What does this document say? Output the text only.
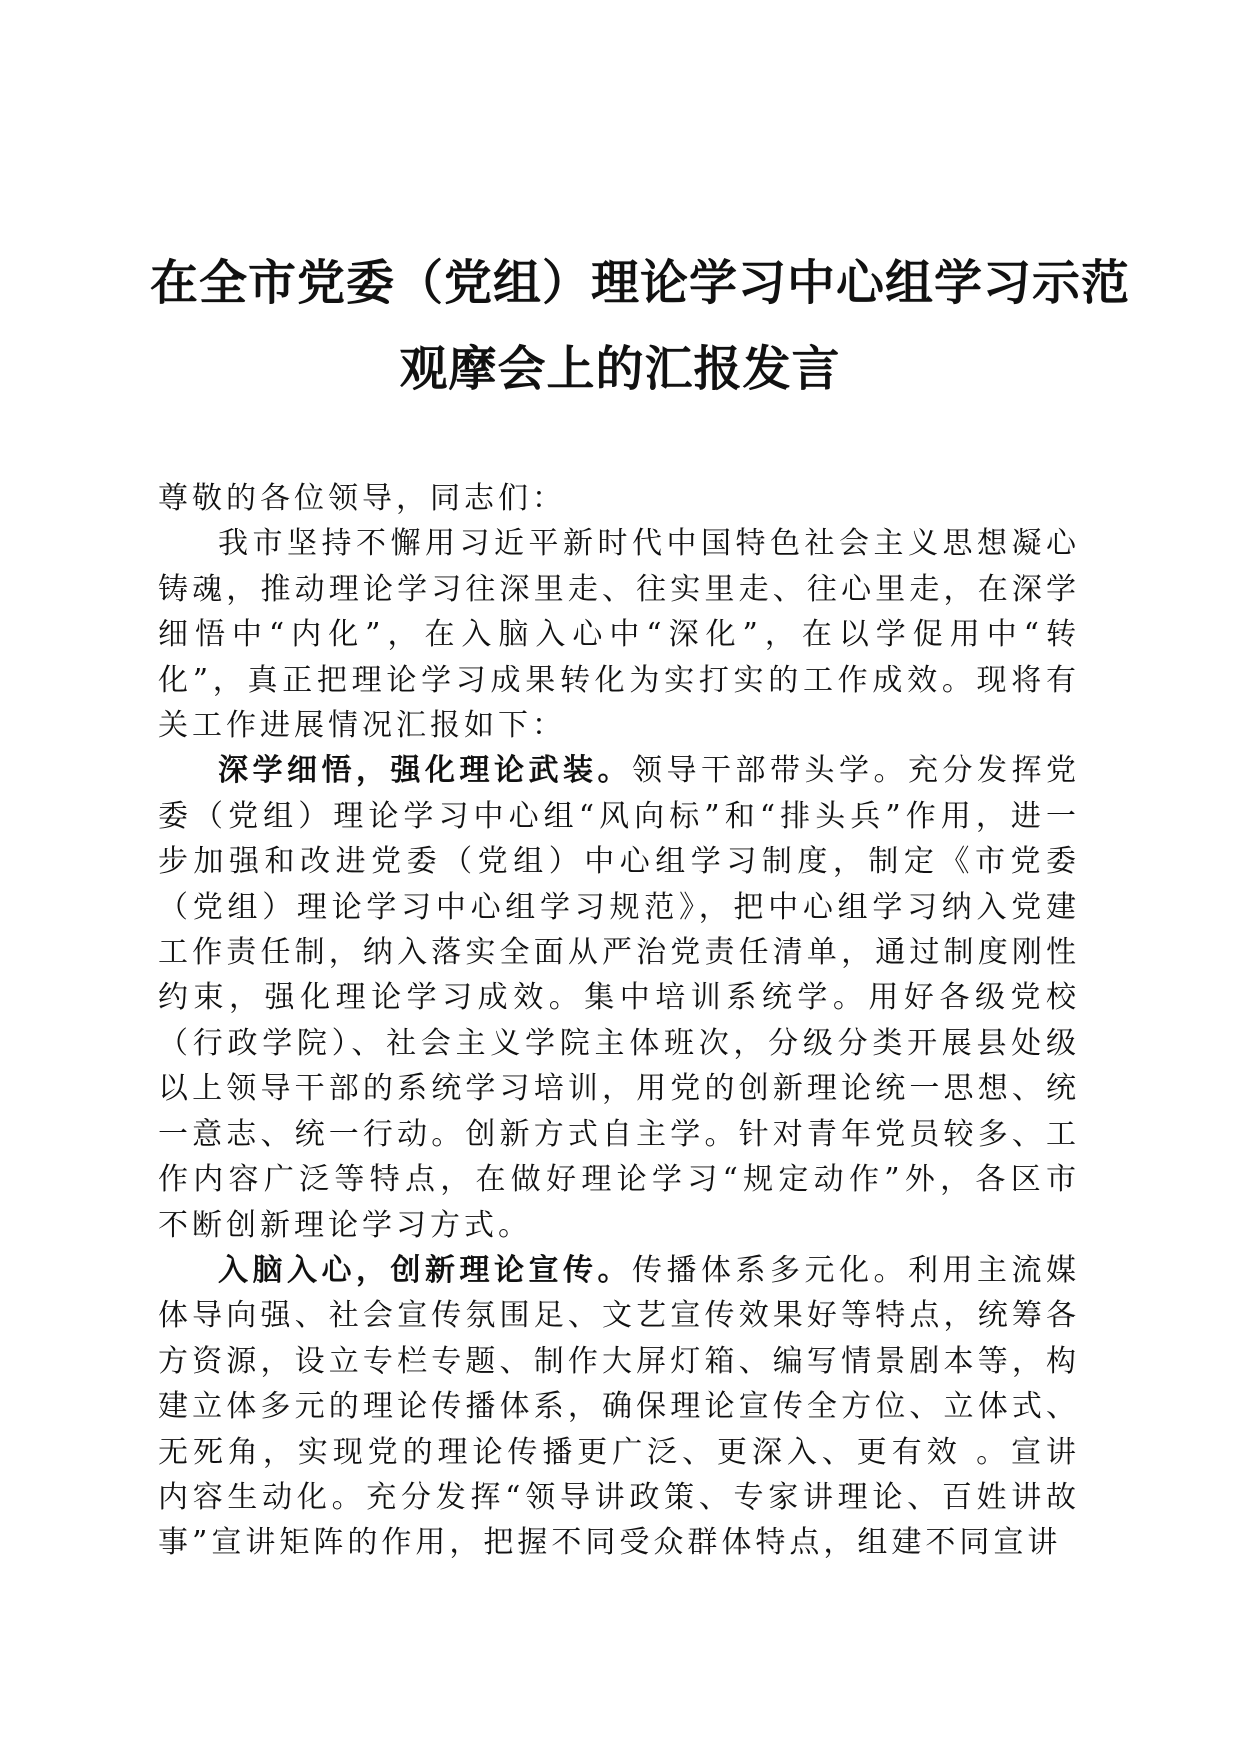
在全市党委（党组）理论学习中心组学习示范
观摩会上的汇报发言

尊敬的各位领导，同志们：

我市坚持不懈用习近平新时代中国特色社会主义思想凝心铸魂，推动理论学习往深里走、往实里走、往心里走，在深学细悟中“内化”，在入脑入心中“深化”，在以学促用中“转化”，真正把理论学习成果转化为实打实的工作成效。现将有关工作进展情况汇报如下：

深学细悟，强化理论武装。领导干部带头学。充分发挥党委（党组）理论学习中心组“风向标”和“排头兵”作用，进一步加强和改进党委（党组）中心组学习制度，制定《市党委（党组）理论学习中心组学习规范》，把中心组学习纳入党建工作责任制，纳入落实全面从严治党责任清单，通过制度刚性约束，强化理论学习成效。集中培训系统学。用好各级党校（行政学院）、社会主义学院主体班次，分级分类开展县处级以上领导干部的系统学习培训，用党的创新理论统一思想、统一意志、统一行动。创新方式自主学。针对青年党员较多、工作内容广泛等特点，在做好理论学习“规定动作”外，各区市不断创新理论学习方式。

入脑入心，创新理论宣传。传播体系多元化。利用主流媒体导向强、社会宣传氛围足、文艺宣传效果好等特点，统筹各方资源，设立专栏专题、制作大屏灯箱、编写情景剧本等，构建立体多元的理论传播体系，确保理论宣传全方位、立体式、无死角，实现党的理论传播更广泛、更深入、更有效 。宣讲内容生动化。充分发挥“领导讲政策、专家讲理论、百姓讲故事”宣讲矩阵的作用，把握不同受众群体特点，组建不同宣讲
